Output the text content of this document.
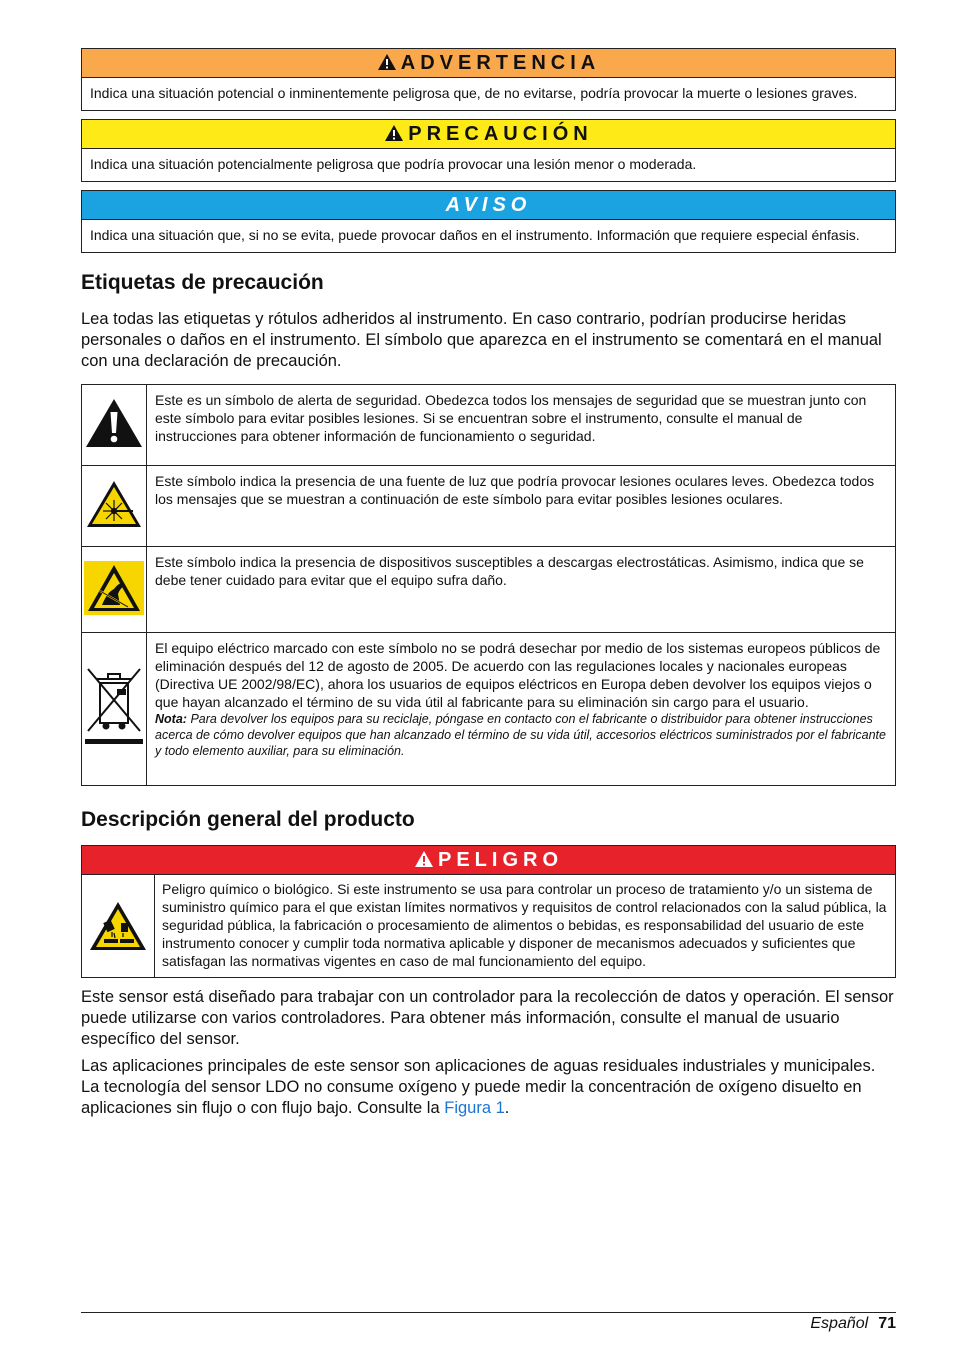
ADVERTENCIA
Indica una situación potencial o inminentemente peligrosa que, de no evitarse, podría provocar la muerte o lesiones graves.
PRECAUCIÓN
Indica una situación potencialmente peligrosa que podría provocar una lesión menor o moderada.
AVISO
Indica una situación que, si no se evita, puede provocar daños en el instrumento. Información que requiere especial énfasis.
Etiquetas de precaución

Lea todas las etiquetas y rótulos adheridos al instrumento. En caso contrario, podrían producirse heridas personales o daños en el instrumento. El símbolo que aparezca en el instrumento se comentará en el manual con una declaración de precaución.

	Este es un símbolo de alerta de seguridad. Obedezca todos los mensajes de seguridad que se muestran junto con este símbolo para evitar posibles lesiones. Si se encuentran sobre el instrumento, consulte el manual de instrucciones para obtener información de funcionamiento o seguridad.
	Este símbolo indica la presencia de una fuente de luz que podría provocar lesiones oculares leves. Obedezca todos los mensajes que se muestran a continuación de este símbolo para evitar posibles lesiones oculares.
	Este símbolo indica la presencia de dispositivos susceptibles a descargas electrostáticas. Asimismo, indica que se debe tener cuidado para evitar que el equipo sufra daño.

El equipo eléctrico marcado con este símbolo no se podrá desechar por medio de los sistemas europeos públicos de eliminación después del 12 de agosto de 2005. De acuerdo con las regulaciones locales y nacionales europeas (Directiva UE 2002/98/EC), ahora los usuarios de equipos eléctricos en Europa deben devolver los equipos viejos o que hayan alcanzado el término de su vida útil al fabricante para su eliminación sin cargo para el usuario.
Nota: Para devolver los equipos para su reciclaje, póngase en contacto con el fabricante o distribuidor para obtener instrucciones acerca de cómo devolver equipos que han alcanzado el término de su vida útil, accesorios eléctricos suministrados por el fabricante y todo elemento auxiliar, para su eliminación.
Descripción general del producto
PELIGRO
Peligro químico o biológico. Si este instrumento se usa para controlar un proceso de tratamiento y/o un sistema de suministro químico para el que existan límites normativos y requisitos de control relacionados con la salud pública, la seguridad pública, la fabricación o procesamiento de alimentos o bebidas, es responsabilidad del usuario de este instrumento conocer y cumplir toda normativa aplicable y disponer de mecanismos adecuados y suficientes que satisfagan las normativas vigentes en caso de mal funcionamiento del equipo.

Este sensor está diseñado para trabajar con un controlador para la recolección de datos y operación. El sensor puede utilizarse con varios controladores. Para obtener más información, consulte el manual de usuario específico del sensor.

Las aplicaciones principales de este sensor son aplicaciones de aguas residuales industriales y municipales. La tecnología del sensor LDO no consume oxígeno y puede medir la concentración de oxígeno disuelto en aplicaciones sin flujo o con flujo bajo. Consulte la Figura 1.

Español 71
